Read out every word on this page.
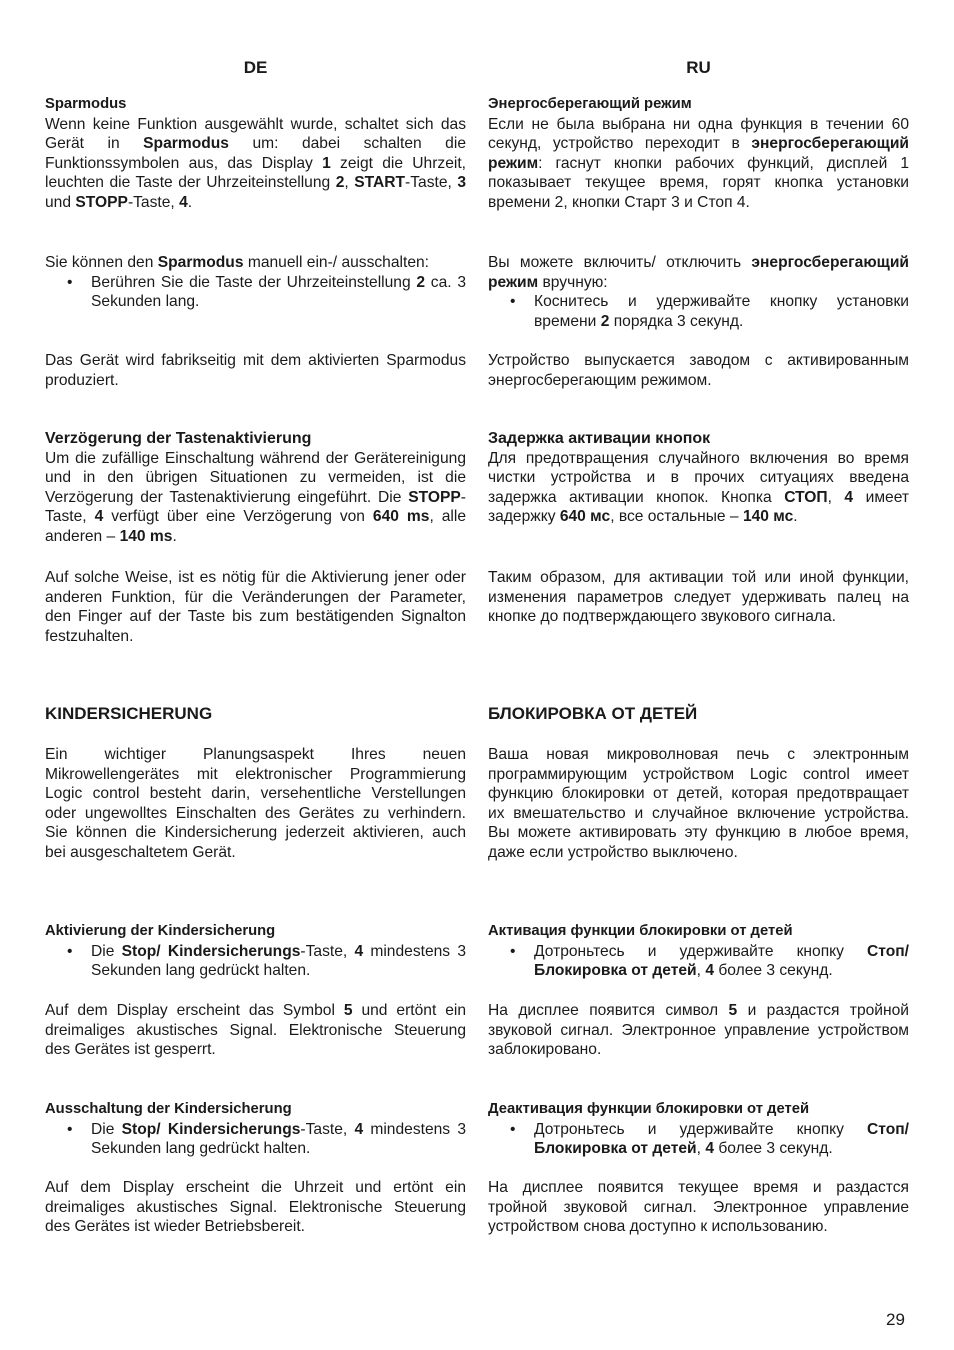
DE
Sparmodus
Wenn keine Funktion ausgewählt wurde, schaltet sich das Gerät in Sparmodus um: dabei schalten die Funktionssymbolen aus, das Display 1 zeigt die Uhrzeit, leuchten die Taste der Uhrzeiteinstellung 2, START-Taste, 3 und STOPP-Taste, 4.
Sie können den Sparmodus manuell ein-/ ausschalten:
• Berühren Sie die Taste der Uhrzeiteinstellung 2 ca. 3 Sekunden lang.
Das Gerät wird fabrikseitig mit dem aktivierten Sparmodus produziert.
Verzögerung der Tastenaktivierung
Um die zufällige Einschaltung während der Gerätereinigung und in den übrigen Situationen zu vermeiden, ist die Verzögerung der Tastenaktivierung eingeführt. Die STOPP-Taste, 4 verfügt über eine Verzögerung von 640 ms, alle anderen – 140 ms.
Auf solche Weise, ist es nötig für die Aktivierung jener oder anderen Funktion, für die Veränderungen der Parameter, den Finger auf der Taste bis zum bestätigenden Signalton festzuhalten.
KINDERSICHERUNG
Ein wichtiger Planungsaspekt Ihres neuen Mikrowellengerätes mit elektronischer Programmierung Logic control besteht darin, versehentliche Verstellungen oder ungewolltes Einschalten des Gerätes zu verhindern. Sie können die Kindersicherung jederzeit aktivieren, auch bei ausgeschaltetem Gerät.
Aktivierung der Kindersicherung
• Die Stop/ Kindersicherungs-Taste, 4 mindestens 3 Sekunden lang gedrückt halten.
Auf dem Display erscheint das Symbol 5 und ertönt ein dreimaliges akustisches Signal. Elektronische Steuerung des Gerätes ist gesperrt.
Ausschaltung der Kindersicherung
• Die Stop/ Kindersicherungs-Taste, 4 mindestens 3 Sekunden lang gedrückt halten.
Auf dem Display erscheint die Uhrzeit und ertönt ein dreimaliges akustisches Signal. Elektronische Steuerung des Gerätes ist wieder Betriebsbereit.
RU
Энергосберегающий режим
Если не была выбрана ни одна функция в течении 60 секунд, устройство переходит в энергосберегающий режим: гаснут кнопки рабочих функций, дисплей 1 показывает текущее время, горят кнопка установки времени 2, кнопки Старт 3 и Стоп 4.
Вы можете включить/ отключить энергосберегающий режим вручную:
• Коснитесь и удерживайте кнопку установки времени 2 порядка 3 секунд.
Устройство выпускается заводом с активированным энергосберегающим режимом.
Задержка активации кнопок
Для предотвращения случайного включения во время чистки устройства и в прочих ситуациях введена задержка активации кнопок. Кнопка СТОП, 4 имеет задержку 640 мс, все остальные – 140 мс.
Таким образом, для активации той или иной функции, изменения параметров следует удерживать палец на кнопке до подтверждающего звукового сигнала.
БЛОКИРОВКА ОТ ДЕТЕЙ
Ваша новая микроволновая печь с электронным программирующим устройством Logic control имеет функцию блокировки от детей, которая предотвращает их вмешательство и случайное включение устройства. Вы можете активировать эту функцию в любое время, даже если устройство выключено.
Активация функции блокировки от детей
• Дотроньтесь и удерживайте кнопку Стоп/ Блокировка от детей, 4 более 3 секунд.
На дисплее появится символ 5 и раздастся тройной звуковой сигнал. Электронное управление устройством заблокировано.
Деактивация функции блокировки от детей
• Дотроньтесь и удерживайте кнопку Стоп/ Блокировка от детей, 4 более 3 секунд.
На дисплее появится текущее время и раздастся тройной звуковой сигнал. Электронное управление устройством снова доступно к использованию.
29
